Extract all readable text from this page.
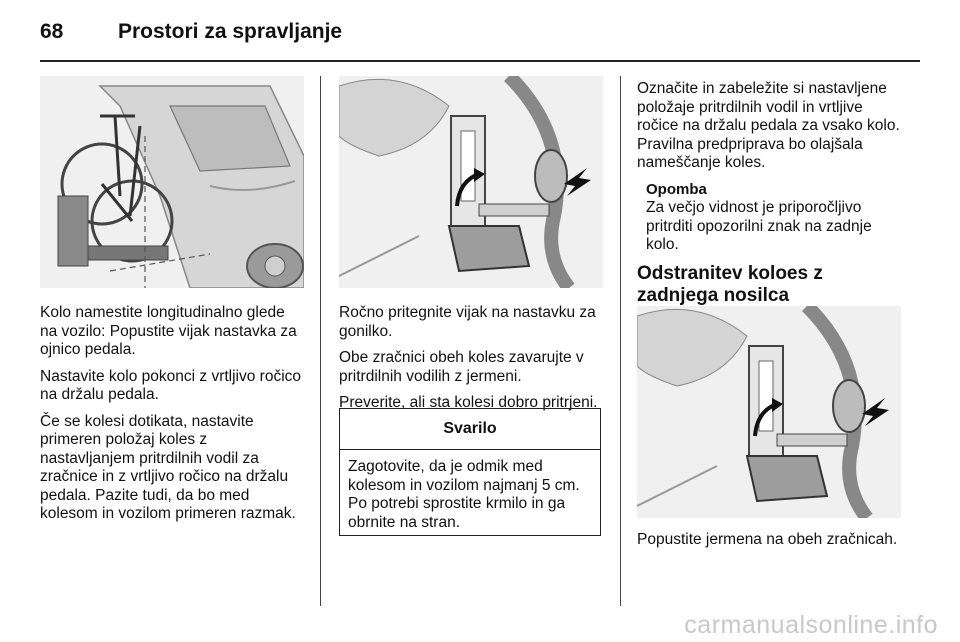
68	Prostori za spravljanje

Kolo namestite longitudinalno glede na vozilo: Popustite vijak nastavka za ojnico pedala.

Nastavite kolo pokonci z vrtljivo ročico na držalu pedala.

Če se kolesi dotikata, nastavite primeren položaj koles z nastavljanjem pritrdilnih vodil za zračnice in z vrtljivo ročico na držalu pedala. Pazite tudi, da bo med kolesom in vozilom primeren razmak.

Ročno pritegnite vijak na nastavku za gonilko.

Obe zračnici obeh koles zavarujte v pritrdilnih vodilih z jermeni.

Preverite, ali sta kolesi dobro pritrjeni.

Svarilo
Zagotovite, da je odmik med kolesom in vozilom najmanj 5 cm. Po potrebi sprostite krmilo in ga obrnite na stran.

Označite in zabeležite si nastavljene položaje pritrdilnih vodil in vrtljive ročice na držalu pedala za vsako kolo. Pravilna predpriprava bo olajšala nameščanje koles.

Opomba
Za večjo vidnost je priporočljivo pritrditi opozorilni znak na zadnje kolo.
Odstranitev koloes z zadnjega nosilca

Popustite jermena na obeh zračnicah.

carmanualsonline.info
